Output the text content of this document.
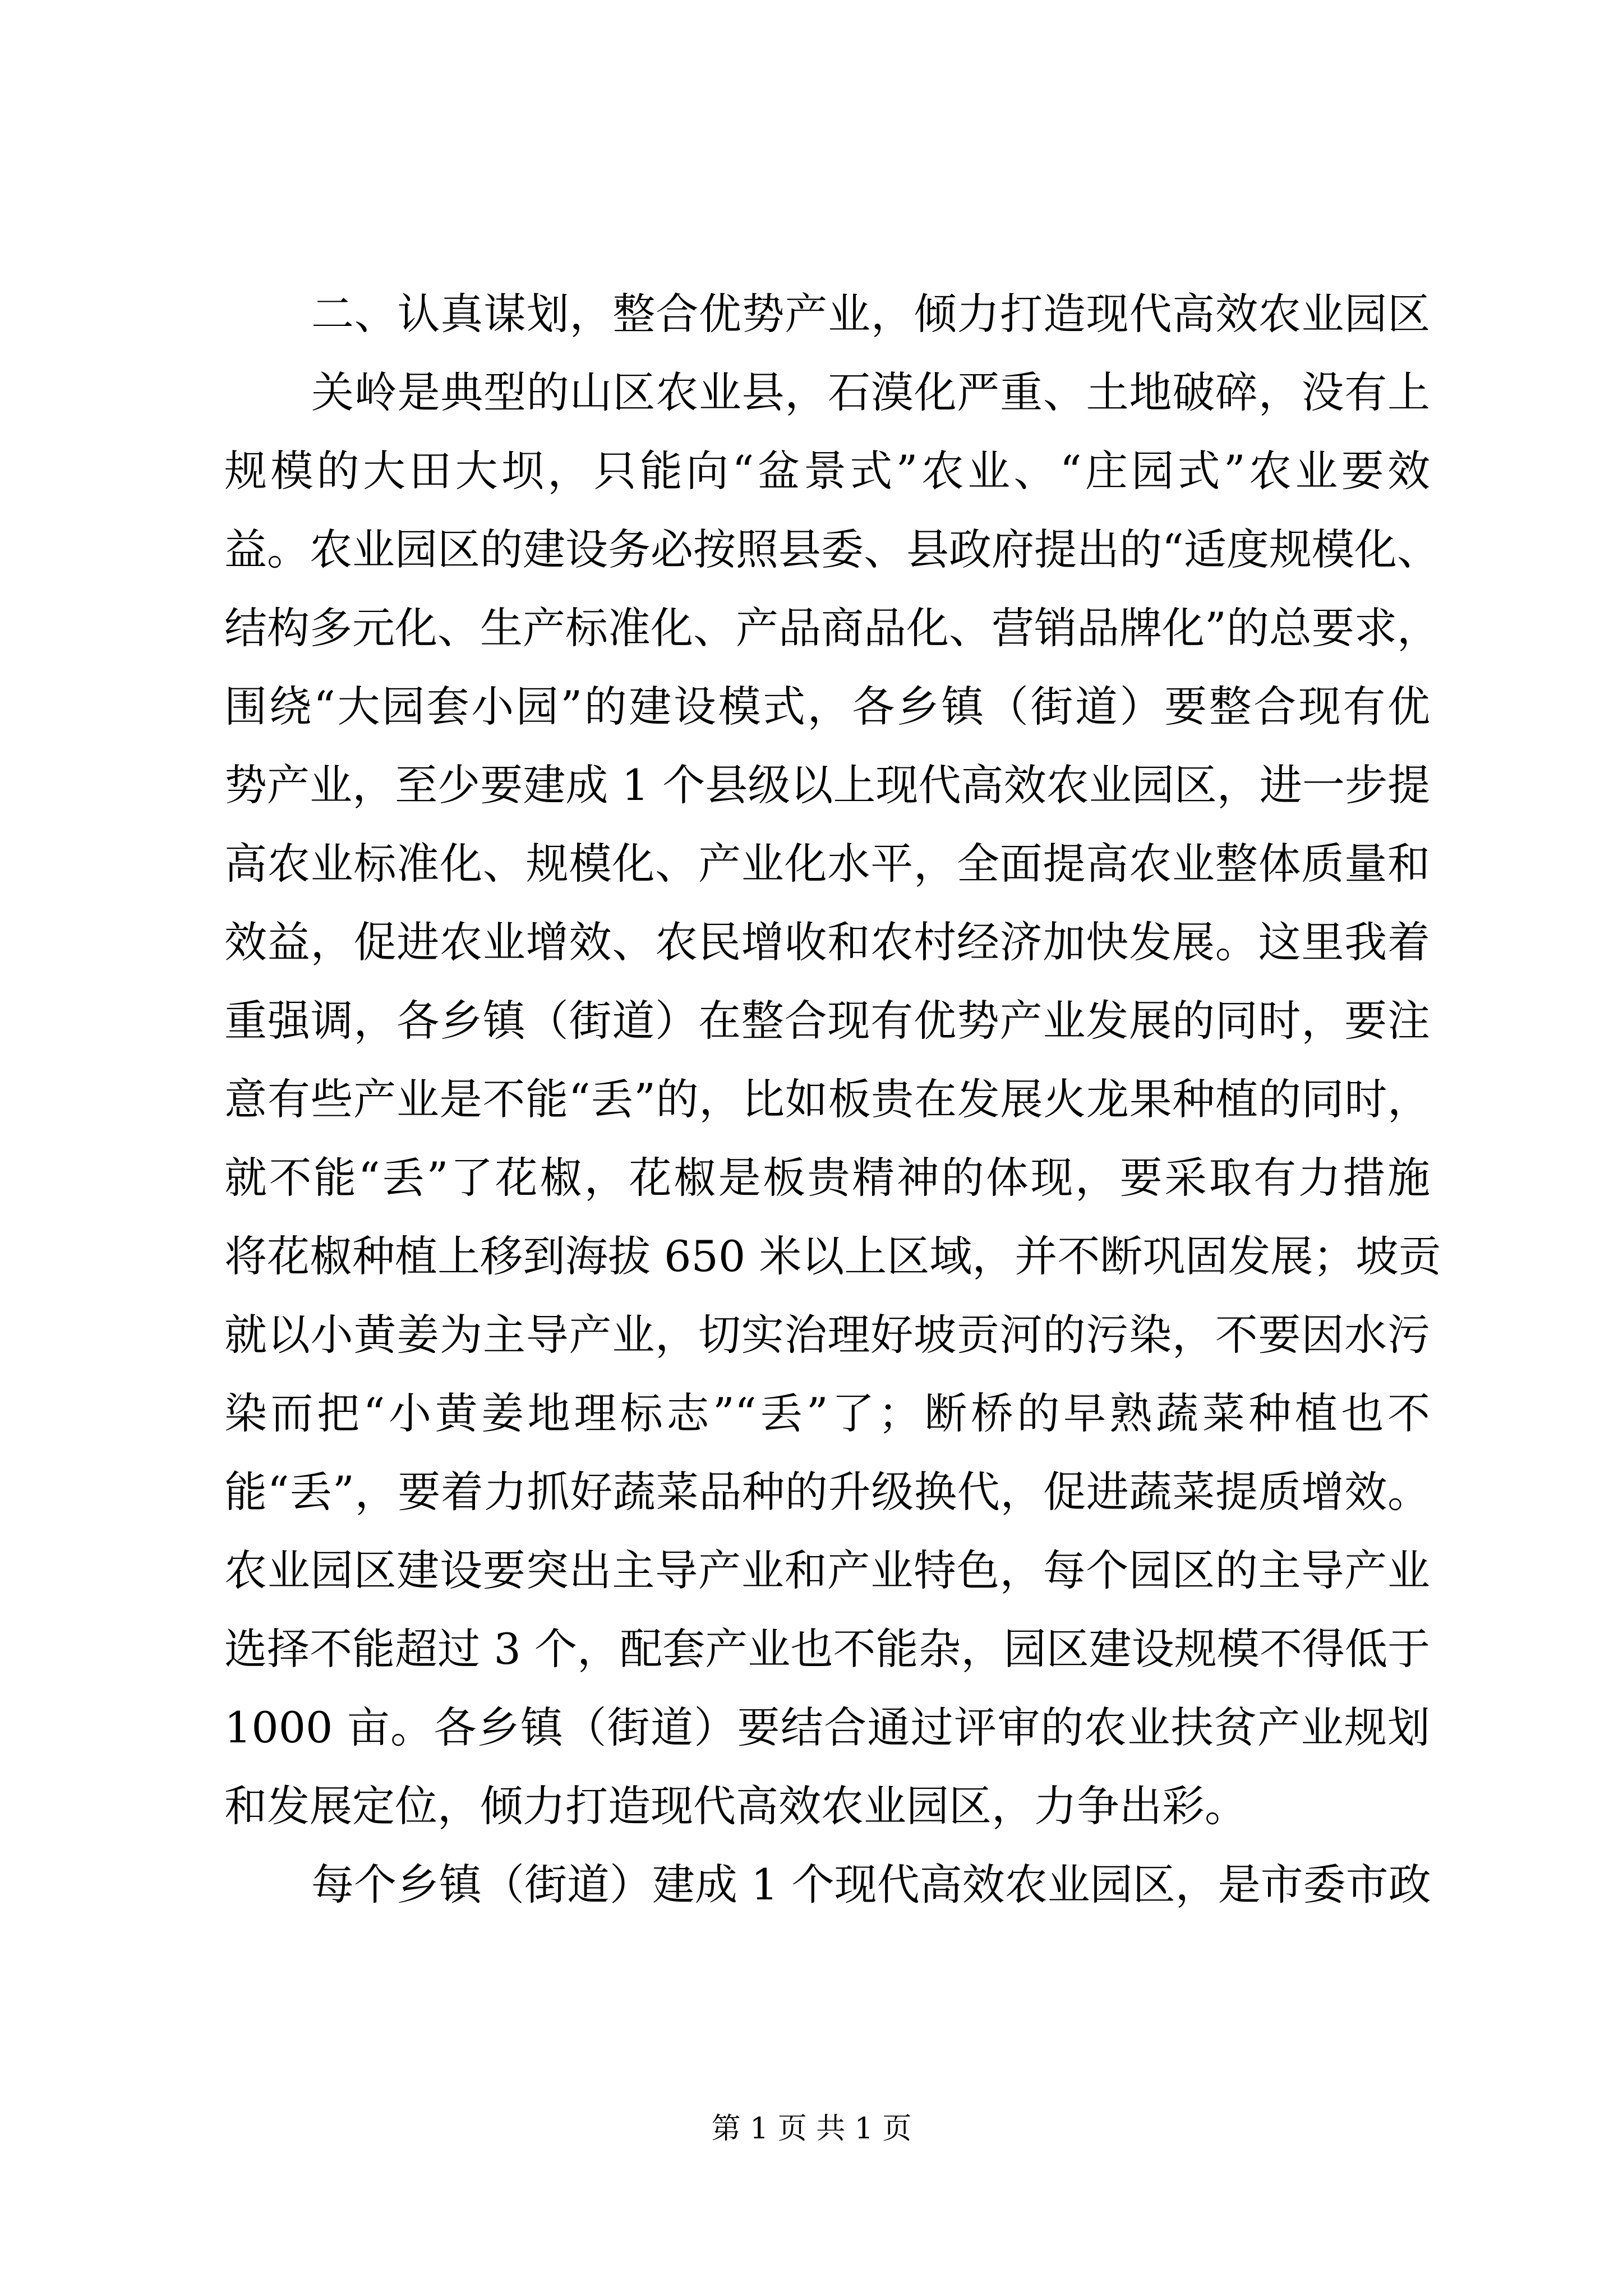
二、认真谋划，整合优势产业，倾力打造现代高效农业园区
关岭是典型的山区农业县，石漠化严重、土地破碎，没有上
规模的大田大坝，只能向“盆景式”农业、“庄园式”农业要效
益。农业园区的建设务必按照县委、县政府提出的“适度规模化、
结构多元化、生产标准化、产品商品化、营销品牌化”的总要求，
围绕“大园套小园”的建设模式，各乡镇（街道）要整合现有优
势产业，至少要建成 1 个县级以上现代高效农业园区，进一步提
高农业标准化、规模化、产业化水平，全面提高农业整体质量和
效益，促进农业增效、农民增收和农村经济加快发展。这里我着
重强调，各乡镇（街道）在整合现有优势产业发展的同时，要注
意有些产业是不能“丢”的，比如板贵在发展火龙果种植的同时，
就不能“丢”了花椒，花椒是板贵精神的体现，要采取有力措施
将花椒种植上移到海拔 650 米以上区域，并不断巩固发展；坡贡
就以小黄姜为主导产业，切实治理好坡贡河的污染，不要因水污
染而把“小黄姜地理标志”“丢”了；断桥的早熟蔬菜种植也不
能“丢”，要着力抓好蔬菜品种的升级换代，促进蔬菜提质增效。
农业园区建设要突出主导产业和产业特色，每个园区的主导产业
选择不能超过 3 个，配套产业也不能杂，园区建设规模不得低于
1000 亩。各乡镇（街道）要结合通过评审的农业扶贫产业规划
和发展定位，倾力打造现代高效农业园区，力争出彩。
每个乡镇（街道）建成 1 个现代高效农业园区，是市委市政
第 1 页 共 1 页
